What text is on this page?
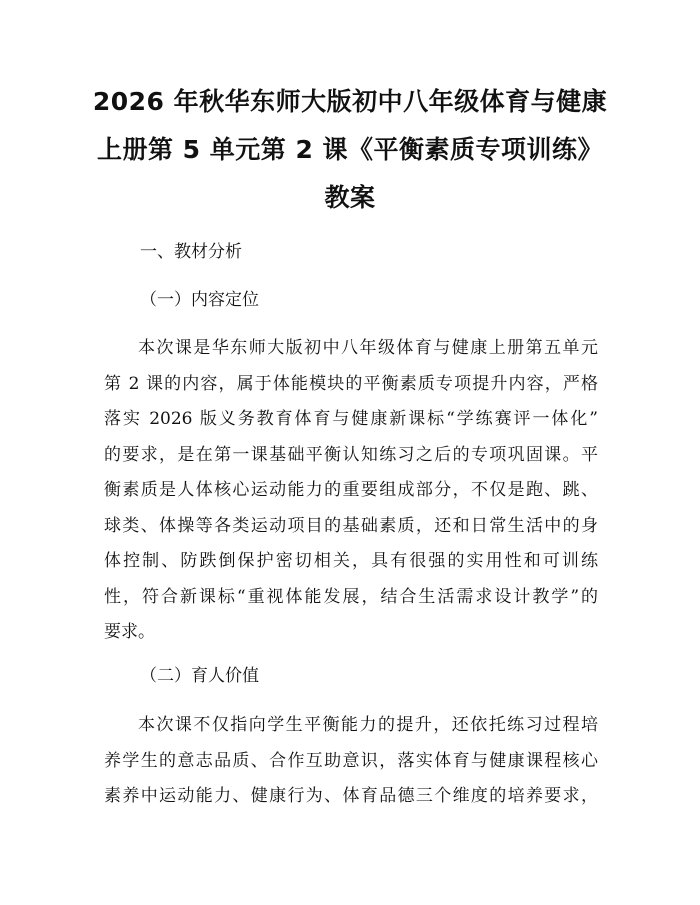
2026 年秋华东师大版初中八年级体育与健康
上册第 5 单元第 2 课《平衡素质专项训练》
教案

一、教材分析

（一）内容定位

本次课是华东师大版初中八年级体育与健康上册第五单元
第 2 课的内容，属于体能模块的平衡素质专项提升内容，严格
落实 2026 版义务教育体育与健康新课标“学练赛评一体化”
的要求，是在第一课基础平衡认知练习之后的专项巩固课。平
衡素质是人体核心运动能力的重要组成部分，不仅是跑、跳、
球类、体操等各类运动项目的基础素质，还和日常生活中的身
体控制、防跌倒保护密切相关，具有很强的实用性和可训练
性，符合新课标“重视体能发展，结合生活需求设计教学”的
要求。

（二）育人价值

本次课不仅指向学生平衡能力的提升，还依托练习过程培
养学生的意志品质、合作互助意识，落实体育与健康课程核心
素养中运动能力、健康行为、体育品德三个维度的培养要求，
